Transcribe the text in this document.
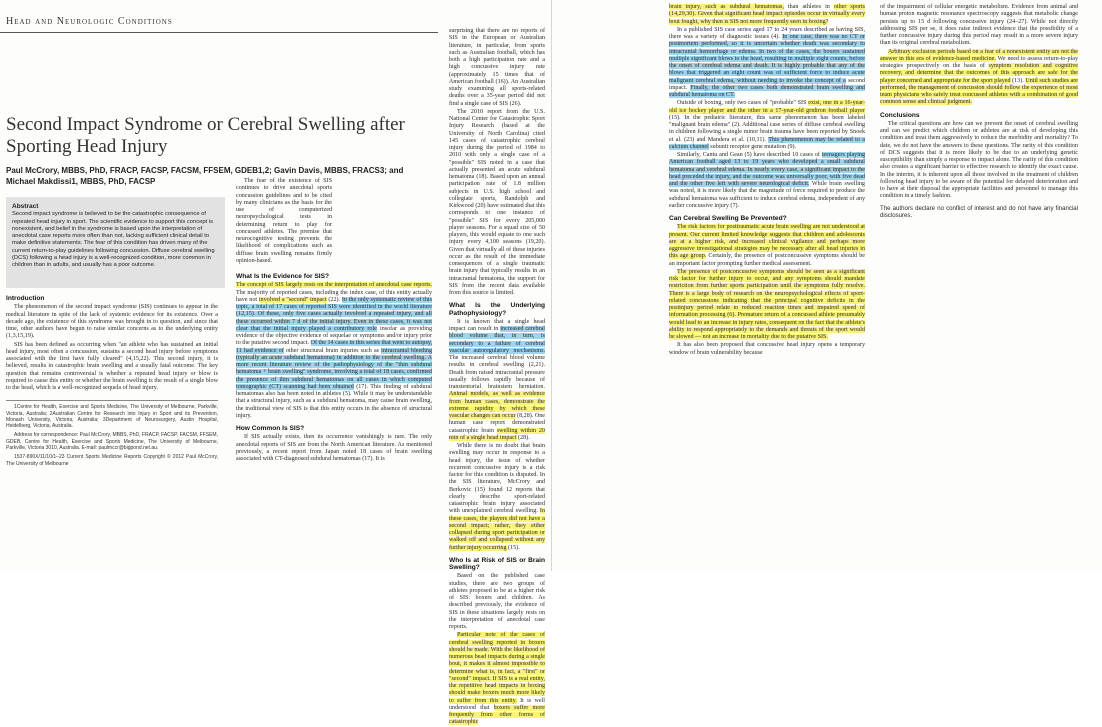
Head and Neurologic Conditions
Second Impact Syndrome or Cerebral Swelling after Sporting Head Injury
Paul McCrory, MBBS, PhD, FRACP, FACSP, FACSM, FFSEM, GDEB1,2; Gavin Davis, MBBS, FRACS3; and Michael Makdissi1, MBBS, PhD, FACSP
Abstract
Second impact syndrome is believed to be the catastrophic consequence of repeated head injury in sport. The scientific evidence to support this concept is nonexistent, and belief in the syndrome is based upon the interpretation of anecdotal case reports more often than not, lacking sufficient clinical detail to make definitive statements. The fear of this condition has driven many of the current return-to-play guidelines following concussion. Diffuse cerebral swelling (DCS) following a head injury is a well-recognized condition, more common in children than in adults, and usually has a poor outcome.

The fear of the existence of SIS continues to drive anecdotal sports concussion guidelines and to be cited by many clinicians as the basis for the use of computerized neuropsychological tests in determining return to play for concussed athletes. The premise that neurocognitive testing prevents the likelihood of complications such as diffuse brain swelling remains firmly opinion-based.

Introduction

The phenomenon of the second impact syndrome (SIS) continues to appear in the medical literature in spite of the lack of systemic evidence for its existence. Over a decade ago, the existence of this syndrome was brought in to question, and since that time, other authors have begun to raise similar concerns as to the underlying entity (1,3,15,19).

SIS has been defined as occurring when "an athlete who has sustained an initial head injury, most often a concussion, sustains a second head injury before symptoms associated with the first have fully cleared" (4,15,22). This second injury, it is believed, results in catastrophic brain swelling and a usually fatal outcome. The key question that remains controversial is whether a repeated head injury or blow is required to cause this entity or whether the brain swelling is the result of a single blow to the head, which is a well-recognized sequela of head injury.

1Centre for Health, Exercise and Sports Medicine, The University of Melbourne, Parkville, Victoria, Australia; 2Australian Centre for Research into Injury in Sport and its Prevention, Monash University, Victoria, Australia; 3Department of Neurosurgery, Austin Hospital, Heidelberg, Victoria, Australia.

Address for correspondence: Paul McCrory, MBBS, PhD, FRACP, FACSP, FACSM, FFSEM, GDEB, Centre for Health, Exercise and Sports Medicine, The University of Melbourne, Parkville, Victoria 3010, Australia. E-mail: paulmccr@bigpond.net.au.

1537-890X/11/10/1–23 Current Sports Medicine Reports Copyright © 2012 Paul McCrory, The University of Melbourne

What Is the Evidence for SIS?

The concept of SIS largely rests on the interpretation of anecdotal case reports. The majority of reported cases, including the index case, of this entity actually have not involved a "second" impact (22). In the only systematic review of this topic, a total of 17 cases of reported SIS were identified in the world literature (12,15). Of these, only five cases actually involved a repeated injury, and all these occurred within 7 d of the initial injury. Even in these cases, it was not clear that the initial injury played a contributory role insofar as providing evidence of the objective evidence of sequelae or symptoms and/or injury prior to the putative second impact. Of the 14 cases in this series that went to autopsy, 11 had evidence of other structural brain injuries such as intracranial bleeding (typically an acute subdural hematoma) in addition to the cerebral swelling. A more recent literature review of the pathophysiology of the "thin subdural hematoma + brain swelling" syndrome, involving a total of 18 cases, confirmed the presence of thin subdural hematomas on all cases in which computed tomographic (CT) scanning had been obtained (17). This finding of subdural hematomas also has been noted in athletes (5). While it may be understandable that a structural injury, such as a subdural hematoma, may cause brain swelling, the traditional view of SIS is that this entity occurs in the absence of structural injury.

How Common Is SIS?

If SIS actually exists, then its occurrence vanishingly is rare. The only anecdotal reports of SIS are from the North American literature. As mentioned previously, a recent report from Japan noted 18 cases of brain swelling associated with CT-diagnosed subdural hematomas (17). It is

surprising that there are no reports of SIS in the European or Australian literature, in particular, from sports such as Australian football, which has both a high participation rate and a high concussive injury rate (approximately 15 times that of American football (16)). An Australian study examining all sports-related deaths over a 35-year period did not find a single case of SIS (26).

The 2010 report from the U.S. National Center for Catastrophic Sport Injury Research (based at the University of North Carolina) cited 145 cases of catastrophic cerebral injury during the period of 1984 to 2010 with only a single case of a "possible" SIS noted in a case that actually presented an acute subdural hematoma (18). Based upon an annual participation rate of 1.8 million subjects in U.S. high school and collegiate sports, Randolph and Kirkwood (20) have estimated that this corresponds to one instance of "possible" SIS for every 205,000 player seasons. For a squad size of 50 players, this would equate to one such injury every 4,100 seasons (19,20). Given that virtually all of these injuries occur as the result of the immediate consequences of a single traumatic brain injury that typically results in an intracranial hematoma, the support for SIS from the recent data available from this source is limited.

What Is the Underlying Pathophysiology?

It is known that a single head impact can result in increased cerebral blood volume that, in turn, is secondary to a failure of cerebral vascular autoregulatory mechanisms. The increased cerebral blood volume results in cerebral swelling (2,21). Death from raised intracranial pressure usually follows rapidly because of transtentorial brainstem herniation. Animal models, as well as evidence from human cases, demonstrate the extreme rapidity by which these vascular changes can occur (8,28). One human case report demonstrated catastrophic brain swelling within 20 min of a single head impact (28).

While there is no doubt that brain swelling may occur in response to a head injury, the issue of whether recurrent concussive injury is a risk factor for this condition is disputed. In the SIS literature, McCrory and Berkovic (15) found 12 reports that clearly describe sport-related catastrophic brain injury associated with unexplained cerebral swelling. In these cases, the players did not have a second impact; rather, they either collapsed during sport participation or walked off and collapsed without any further injury occurring (15).

Who Is at Risk of SIS or Brain Swelling?

Based on the published case studies, there are two groups of athletes proposed to be at a higher risk of SIS: boxers and children. As described previously, the evidence of SIS in these situations largely rests on the interpretation of anecdotal case reports.

Particular note of the cases of cerebral swelling reported in boxers should be made. With the likelihood of numerous head impacts during a single bout, it makes it almost impossible to determine what is, in fact, a "first" or "second" impact. If SIS is a real entity, the repetitive head impacts in boxing should make boxers much more likely to suffer from this entity. It is well understood that boxers suffer more frequently from other forms of catastrophic

brain injury, such as subdural hematomas, than athletes in other sports (14,29,30). Given that significant head impact episodes occur in virtually every bout fought, why then is SIS not more frequently seen in boxing?

In a published SIS case series aged 17 to 24 years described as having SIS, there was a variety of diagnostic issues (4). In one case, there was no CT or postmortem performed, so it is uncertain whether death was secondary to intracranial hemorrhage or edema. In two of the cases, the boxers sustained multiple significant blows to the head, resulting in multiple eight counts, before the onset of cerebral edema and death. It is highly probable that any of the blows that triggered an eight count was of sufficient force to induce acute malignant cerebral edema, without needing to invoke the concept of a second impact. Finally, the other two cases both demonstrated brain swelling and subdural hematoma on CT.

Outside of boxing, only two cases of "probable" SIS exist, one in a 16-year-old ice hockey player and the other in a 17-year-old gridiron football player (15). In the pediatric literature, this same phenomenon has been labeled "malignant brain edema" (2). Additional case series of diffuse cerebral swelling in children following a single minor brain trauma have been reported by Snoek et al. (23) and Mandera et al. (10,11). This phenomenon may be related to a calcium channel subunit receptor gene mutation (9).

Similarly, Cantu and Gean (5) have described 10 cases of teenagers playing American football aged 13 to 19 years who developed a small subdural hematoma and cerebral edema. In nearly every case, a significant impact to the head preceded the injury, and the outcome was universally poor, with five dead and the other five left with severe neurological deficit. While brain swelling was noted, it is more likely that the magnitude of force required to produce the subdural hematoma was sufficient to induce cerebral edema, independent of any earlier concussive injury (7).

Can Cerebral Swelling Be Prevented?

The risk factors for posttraumatic acute brain swelling are not understood at present. Our current limited knowledge suggests that children and adolescents are at a higher risk, and increased clinical vigilance and perhaps more aggressive investigational strategies may be necessary after all head injuries in this age group. Certainly, the presence of postconcussive symptoms should be an important factor prompting further medical assessment.

The presence of postconcussive symptoms should be seen as a significant risk factor for further injury to occur, and any symptoms should mandate restriction from further sports participation until the symptoms fully resolve. There is a large body of research on the neuropsychological effects of sport-related concussions indicating that the principal cognitive deficits in the postinjury period relate to reduced reaction times and impaired speed of information processing (6). Premature return of a concussed athlete presumably would lead to an increase in injury rates, consequent on the fact that the athlete's ability to respond appropriately to the demands and threats of the sport would be slowed — not an increase in mortality due to the putative SIS.

It has also been proposed that concussive head injury opens a temporary window of brain vulnerability because

of the impairment of cellular energetic metabolism. Evidence from animal and human proton magnetic resonance spectroscopy suggests that metabolic change persists up to 15 d following concussive injury (24–27). While not directly addressing SIS per se, it does raise indirect evidence that the possibility of a further concussive injury during this period may result in a more severe injury than its original cerebral metabolism.

Arbitrary exclusion periods based on a fear of a nonexistent entity are not the answer in this era of evidence-based medicine. We need to assess return-to-play strategies prospectively on the basis of symptom resolution and cognitive recovery, and determine that the outcomes of this approach are safe for the player concerned and appropriate for the sport played (13). Until such studies are performed, the management of concussion should follow the experience of most team physicians who safely treat concussed athletes with a combination of good common sense and clinical judgment.

Conclusions

The critical questions are how can we prevent the onset of cerebral swelling and can we predict which children or athletes are at risk of developing this condition and treat them aggressively to reduce the morbidity and mortality? To date, we do not have the answers to these questions. The rarity of this condition of DCS suggests that it is more likely to be due to an underlying genetic susceptibility than simply a response to impact alone. The rarity of this condition also creates a significant barrier to effective research to identify the exact cause. In the interim, it is inherent upon all those involved in the treatment of children following head injury to be aware of the potential for delayed deterioration and to have at their disposal the appropriate facilities and personnel to manage this condition in a timely fashion.

The authors declare no conflict of interest and do not have any financial disclosures.
